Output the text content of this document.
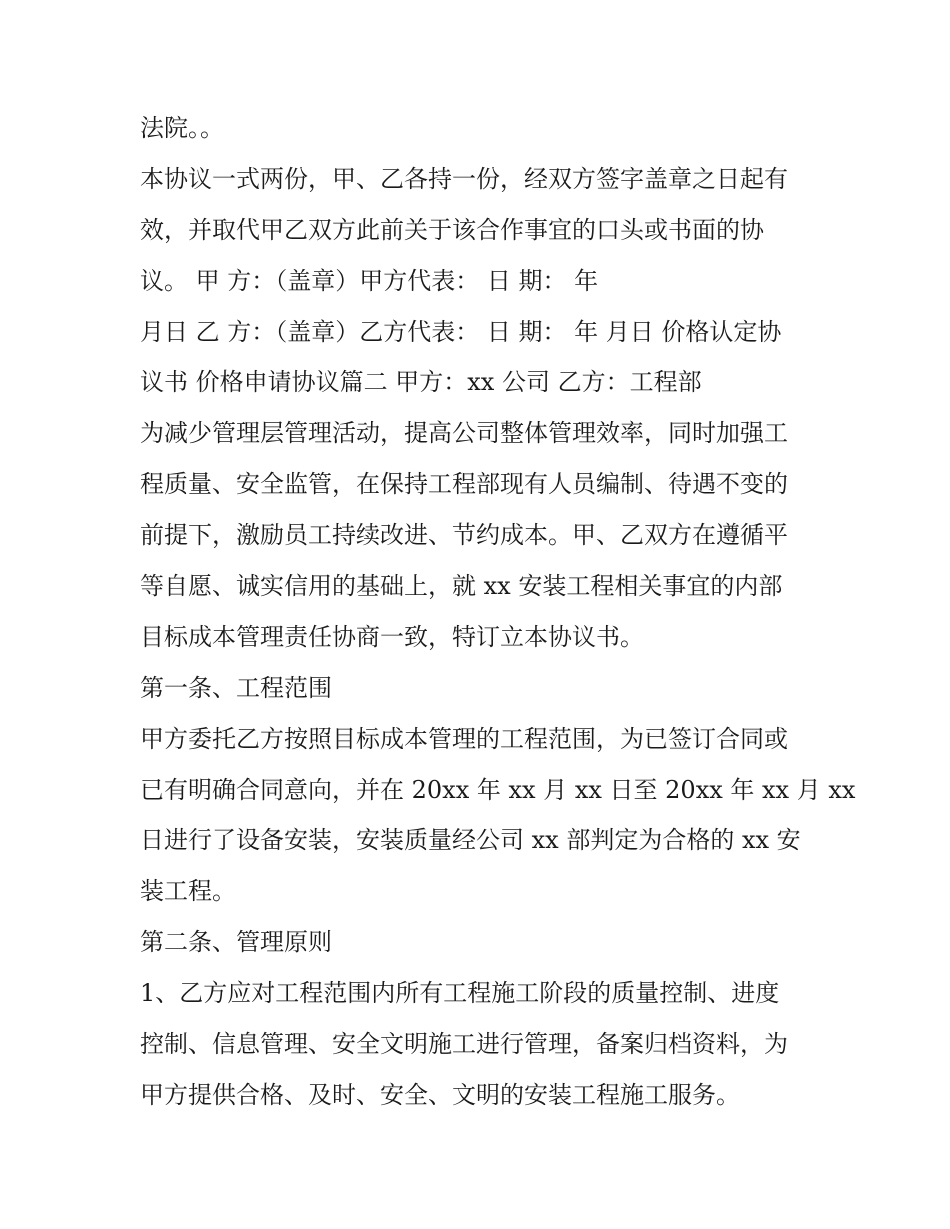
法院。。
本协议一式两份，甲、乙各持一份，经双方签字盖章之日起有
效，并取代甲乙双方此前关于该合作事宜的口头或书面的协
议。 甲 方：（盖章）甲方代表： 日 期： 年
月日 乙 方：（盖章）乙方代表： 日 期： 年 月日 价格认定协
议书 价格申请协议篇二 甲方：xx 公司 乙方：工程部
为减少管理层管理活动，提高公司整体管理效率，同时加强工
程质量、安全监管，在保持工程部现有人员编制、待遇不变的
前提下，激励员工持续改进、节约成本。甲、乙双方在遵循平
等自愿、诚实信用的基础上，就 xx 安装工程相关事宜的内部
目标成本管理责任协商一致，特订立本协议书。
第一条、工程范围
甲方委托乙方按照目标成本管理的工程范围，为已签订合同或
已有明确合同意向，并在 20xx 年 xx 月 xx 日至 20xx 年 xx 月 xx
日进行了设备安装，安装质量经公司 xx 部判定为合格的 xx 安
装工程。
第二条、管理原则
1、乙方应对工程范围内所有工程施工阶段的质量控制、进度
控制、信息管理、安全文明施工进行管理，备案归档资料，为
甲方提供合格、及时、安全、文明的安装工程施工服务。
